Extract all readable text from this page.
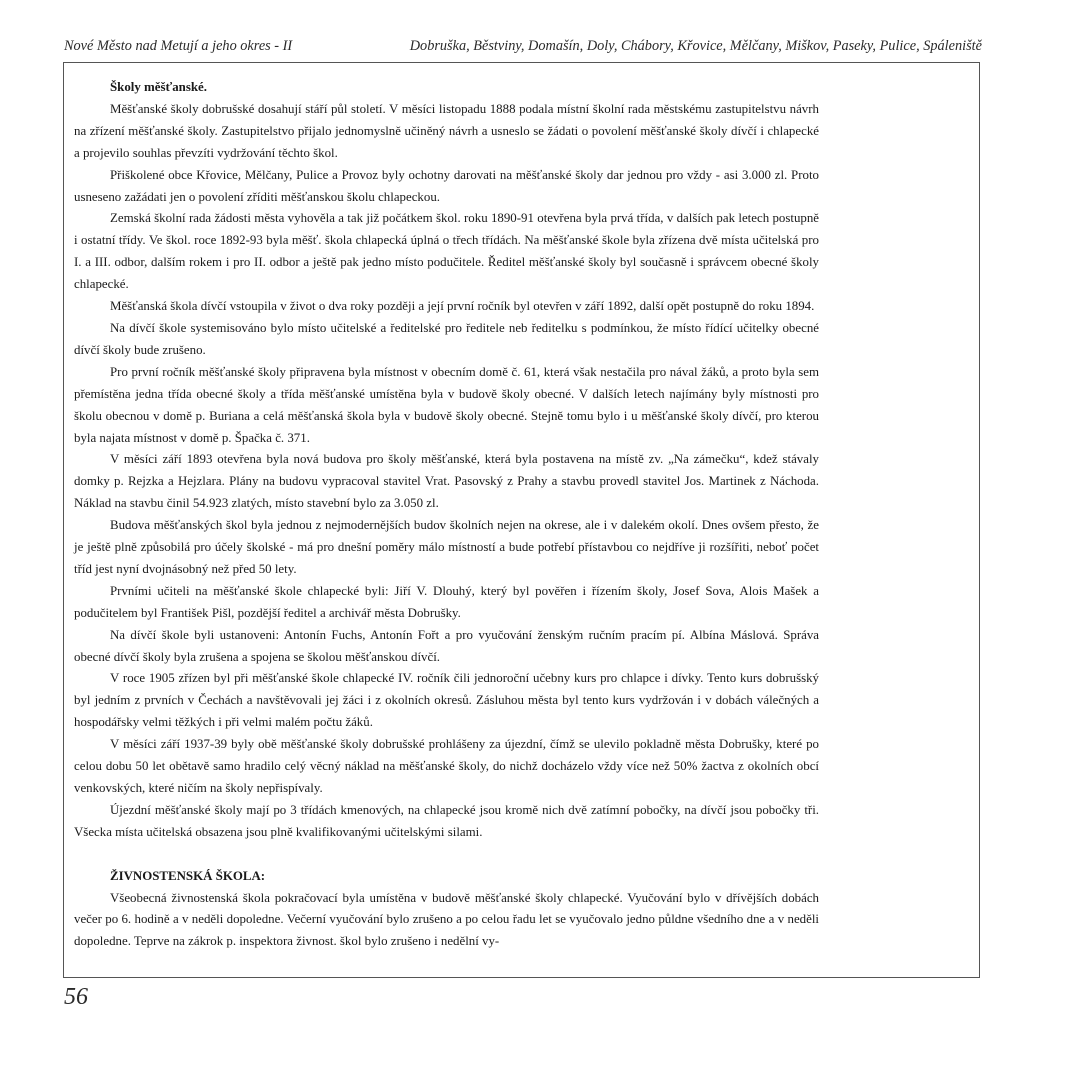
Nové Město nad Metují a jeho okres - II	Dobruška, Běstviny, Domašín, Doly, Chábory, Křovice, Mělčany, Miškov, Paseky, Pulice, Spáleniště
Školy měšťanské.

Měšťanské školy dobrušské dosahují stáří půl století. V měsíci listopadu 1888 podala místní školní rada městskému zastupitelstvu návrh na zřízení měšťanské školy. Zastupitelstvo přijalo jednomyslně učiněný návrh a usneslo se žádati o povolení měšťanské školy dívčí i chlapecké a projevilo souhlas převzíti vydržování těchto škol.

Přiškolené obce Křovice, Mělčany, Pulice a Provoz byly ochotny darovati na měšťanské školy dar jednou pro vždy - asi 3.000 zl. Proto usneseno zažádati jen o povolení zříditi měšťanskou školu chlapeckou.

Zemská školní rada žádosti města vyhověla a tak již počátkem škol. roku 1890-91 otevřena byla prvá třída, v dalších pak letech postupně i ostatní třídy. Ve škol. roce 1892-93 byla měšť. škola chlapecká úplná o třech třídách. Na měšťanské škole byla zřízena dvě místa učitelská pro I. a III. odbor, dalším rokem i pro II. odbor a ještě pak jedno místo podučitele. Ředitel měšťanské školy byl současně i správcem obecné školy chlapecké.

Měšťanská škola dívčí vstoupila v život o dva roky později a její první ročník byl otevřen v září 1892, další opět postupně do roku 1894.

Na dívčí škole systemisováno bylo místo učitelské a ředitelské pro ředitele neb ředitelku s podmínkou, že místo řídící učitelky obecné dívčí školy bude zrušeno.

Pro první ročník měšťanské školy připravena byla místnost v obecním domě č. 61, která však nestačila pro nával žáků, a proto byla sem přemístěna jedna třída obecné školy a třída měšťanské umístěna byla v budově školy obecné. V dalších letech najímány byly místnosti pro školu obecnou v domě p. Buriana a celá měšťanská škola byla v budově školy obecné. Stejně tomu bylo i u měšťanské školy dívčí, pro kterou byla najata místnost v domě p. Špačka č. 371.

V měsíci září 1893 otevřena byla nová budova pro školy měšťanské, která byla postavena na místě zv. „Na zámečku“, kdež stávaly domky p. Rejzka a Hejzlara. Plány na budovu vypracoval stavitel Vrat. Pasovský z Prahy a stavbu provedl stavitel Jos. Martinek z Náchoda. Náklad na stavbu činil 54.923 zlatých, místo stavební bylo za 3.050 zl.

Budova měšťanských škol byla jednou z nejmodernějších budov školních nejen na okrese, ale i v dalekém okolí. Dnes ovšem přesto, že je ještě plně způsobilá pro účely školské - má pro dnešní poměry málo místností a bude potřebí přístavbou co nejdříve ji rozšířiti, neboť počet tříd jest nyní dvojnásobný než před 50 lety.

Prvními učiteli na měšťanské škole chlapecké byli: Jiří V. Dlouhý, který byl pověřen i řízením školy, Josef Sova, Alois Mašek a podučitelem byl František Pišl, pozdější ředitel a archivář města Dobrušky.

Na dívčí škole byli ustanoveni: Antonín Fuchs, Antonín Fořt a pro vyučování ženským ručním pracím pí. Albína Máslová. Správa obecné dívčí školy byla zrušena a spojena se školou měšťanskou dívčí.

V roce 1905 zřízen byl při měšťanské škole chlapecké IV. ročník čili jednoroční učebny kurs pro chlapce i dívky. Tento kurs dobrušský byl jedním z prvních v Čechách a navštěvovali jej žáci i z okolních okresů. Zásluhou města byl tento kurs vydržován i v dobách válečných a hospodářsky velmi těžkých i při velmi malém počtu žáků.

V měsíci září 1937-39 byly obě měšťanské školy dobrušské prohlášeny za újezdní, čímž se ulevilo pokladně města Dobrušky, které po celou dobu 50 let obětavě samo hradilo celý věcný náklad na měšťanské školy, do nichž docházelo vždy více než 50% žactva z okolních obcí venkovských, které ničím na školy nepřispívaly.

Újezdní měšťanské školy mají po 3 třídách kmenových, na chlapecké jsou kromě nich dvě zatímní pobočky, na dívčí jsou pobočky tři. Všecka místa učitelská obsazena jsou plně kvalifikovanými učitelskými silami.

ŽIVNOSTENSKÁ ŠKOLA:

Všeobecná živnostenská škola pokračovací byla umístěna v budově měšťanské školy chlapecké. Vyučování bylo v dřívějších dobách večer po 6. hodině a v neděli dopoledne. Večerní vyučování bylo zrušeno a po celou řadu let se vyučovalo jedno půldne všedního dne a v neděli dopoledne. Teprve na zákrok p. inspektora živnost. škol bylo zrušeno i nedělní vy-

56
